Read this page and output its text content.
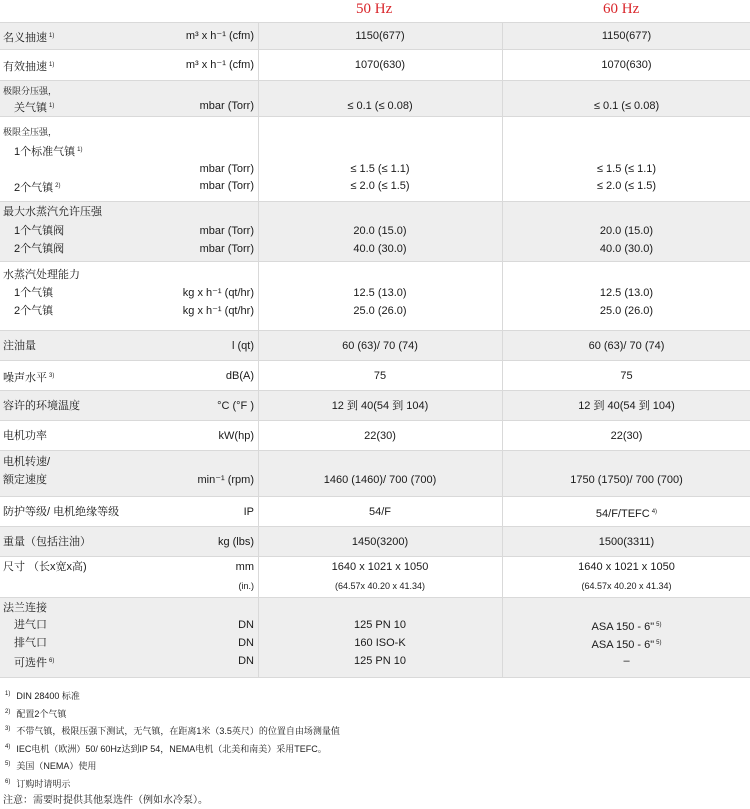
50 Hz	60 Hz
名义抽速 $^{1)}$	m³ x h⁻¹ (cfm)	1150(677)	1150(677)
有效抽速 $^{1)}$	m³ x h⁻¹ (cfm)	1070(630)	1070(630)
极限分压强，
关气镇 $^{1)}$	mbar (Torr)	≤ 0.1 (≤ 0.08)	≤ 0.1 (≤ 0.08)
极限全压强，
1个标准气镇 $^{1)}$
mbar (Torr)	≤ 1.5 (≤ 1.1)	≤ 1.5 (≤ 1.1)
2个气镇 $^{2)}$	mbar (Torr)	≤ 2.0 (≤ 1.5)	≤ 2.0 (≤ 1.5)
最大水蒸汽允许压强
1个气镇阀	mbar (Torr)	20.0 (15.0)	20.0 (15.0)
2个气镇阀	mbar (Torr)	40.0 (30.0)	40.0 (30.0)
水蒸汽处理能力
1个气镇	kg x h⁻¹ (qt/hr)	12.5 (13.0)	12.5 (13.0)
2个气镇	kg x h⁻¹ (qt/hr)	25.0 (26.0)	25.0 (26.0)
注油量	l (qt)	60 (63)/ 70 (74)	60 (63)/ 70 (74)
噪声水平 $^{3)}$	dB(A)	75	75
容许的环境温度	°C (°F )	12 到 40(54 到 104)	12 到 40(54 到 104)
电机功率	kW(hp)	22(30)	22(30)
电机转速/
额定速度	min⁻¹ (rpm)	1460 (1460)/ 700 (700)	1750 (1750)/ 700 (700)
防护等级/ 电机绝缘等级	IP	54/F	54/F/TEFC $^{4)}$
重量（包括注油）	kg (lbs)	1450(3200)	1500(3311)
尺寸 （长x宽x高)	mm	1640 x 1021 x 1050	1640 x 1021 x 1050
(in.)	(64.57x 40.20 x 41.34)	(64.57x 40.20 x 41.34)
法兰连接
进气口	DN	125 PN 10	ASA 150 - 6" $^{5)}$
排气口	DN	160 ISO-K	ASA 150 - 6" $^{5)}$
可选件 $^{6)}$	DN	125 PN 10	–
$^{1)}$ DIN 28400 标准
$^{2)}$ 配置2个气镇
$^{3)}$ 不带气镇，极限压强下测试，无气镇，在距离1米（3.5英尺）的位置自由场测量值
$^{4)}$ IEC电机（欧洲）50/ 60Hz达到IP 54，NEMA电机（北美和南美）采用TEFC。
$^{5)}$ 美国（NEMA）使用
$^{6)}$ 订购时请明示
注意：需要时提供其他泵选件（例如水冷泵）。
